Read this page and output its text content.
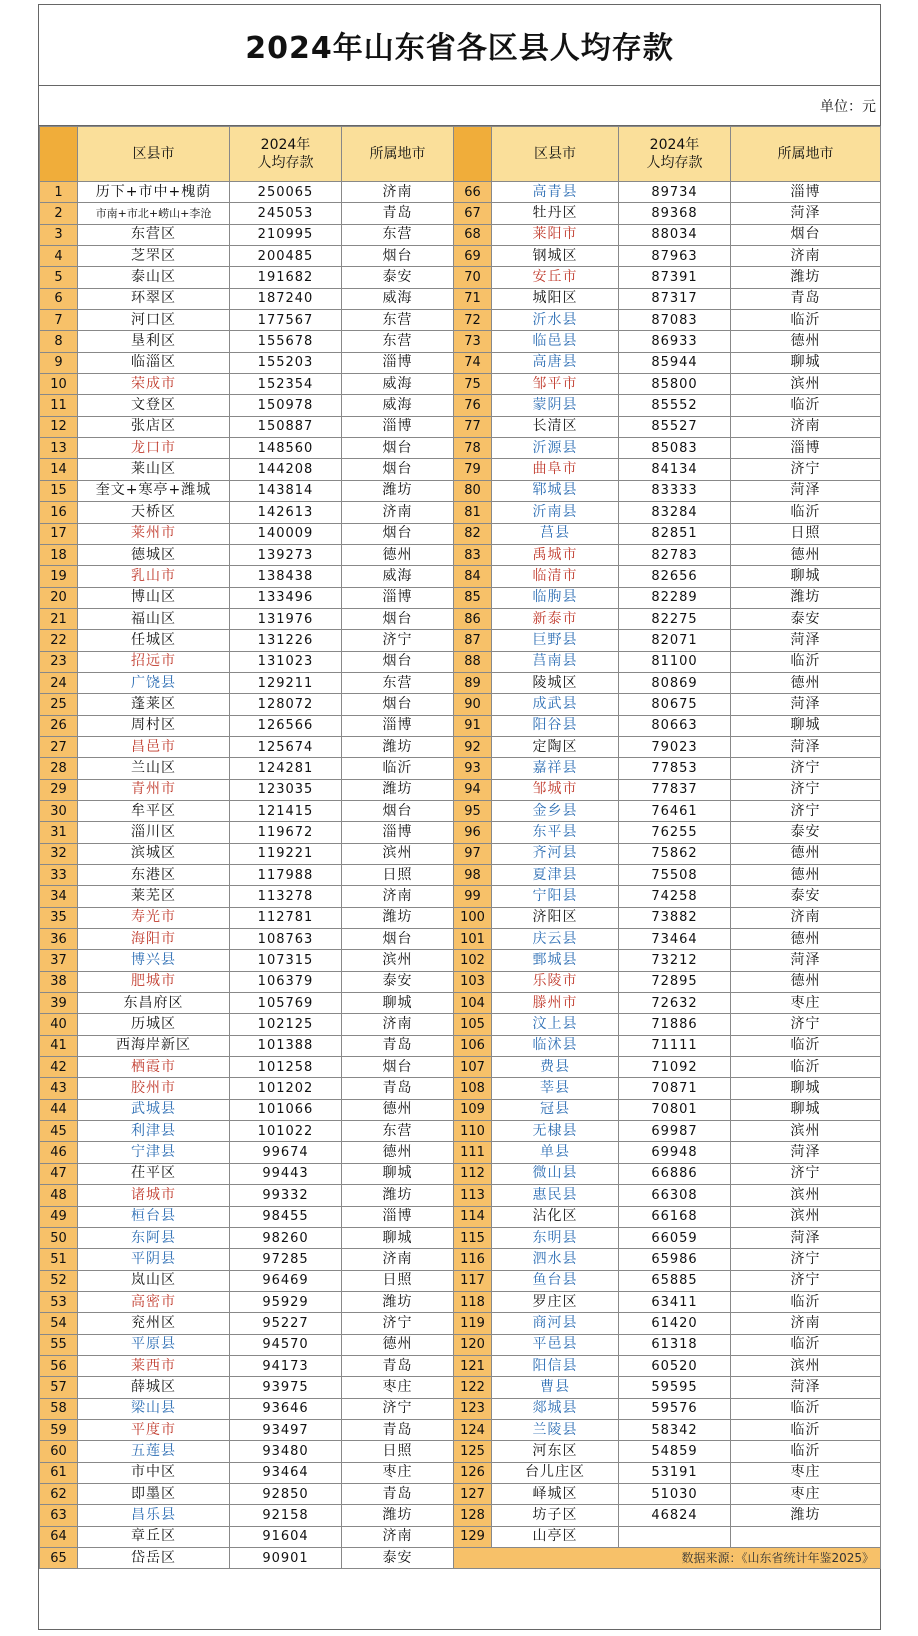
2024年山东省各区县人均存款
单位：元
	区县市	2024年
人均存款	所属地市		区县市	2024年
人均存款	所属地市
1	历下+市中+槐荫	250065	济南	66	高青县	89734	淄博
2	市南+市北+崂山+李沧	245053	青岛	67	牡丹区	89368	菏泽
3	东营区	210995	东营	68	莱阳市	88034	烟台
4	芝罘区	200485	烟台	69	钢城区	87963	济南
5	泰山区	191682	泰安	70	安丘市	87391	潍坊
6	环翠区	187240	威海	71	城阳区	87317	青岛
7	河口区	177567	东营	72	沂水县	87083	临沂
8	垦利区	155678	东营	73	临邑县	86933	德州
9	临淄区	155203	淄博	74	高唐县	85944	聊城
10	荣成市	152354	威海	75	邹平市	85800	滨州
11	文登区	150978	威海	76	蒙阴县	85552	临沂
12	张店区	150887	淄博	77	长清区	85527	济南
13	龙口市	148560	烟台	78	沂源县	85083	淄博
14	莱山区	144208	烟台	79	曲阜市	84134	济宁
15	奎文+寒亭+潍城	143814	潍坊	80	郓城县	83333	菏泽
16	天桥区	142613	济南	81	沂南县	83284	临沂
17	莱州市	140009	烟台	82	莒县	82851	日照
18	德城区	139273	德州	83	禹城市	82783	德州
19	乳山市	138438	威海	84	临清市	82656	聊城
20	博山区	133496	淄博	85	临朐县	82289	潍坊
21	福山区	131976	烟台	86	新泰市	82275	泰安
22	任城区	131226	济宁	87	巨野县	82071	菏泽
23	招远市	131023	烟台	88	莒南县	81100	临沂
24	广饶县	129211	东营	89	陵城区	80869	德州
25	蓬莱区	128072	烟台	90	成武县	80675	菏泽
26	周村区	126566	淄博	91	阳谷县	80663	聊城
27	昌邑市	125674	潍坊	92	定陶区	79023	菏泽
28	兰山区	124281	临沂	93	嘉祥县	77853	济宁
29	青州市	123035	潍坊	94	邹城市	77837	济宁
30	牟平区	121415	烟台	95	金乡县	76461	济宁
31	淄川区	119672	淄博	96	东平县	76255	泰安
32	滨城区	119221	滨州	97	齐河县	75862	德州
33	东港区	117988	日照	98	夏津县	75508	德州
34	莱芜区	113278	济南	99	宁阳县	74258	泰安
35	寿光市	112781	潍坊	100	济阳区	73882	济南
36	海阳市	108763	烟台	101	庆云县	73464	德州
37	博兴县	107315	滨州	102	鄄城县	73212	菏泽
38	肥城市	106379	泰安	103	乐陵市	72895	德州
39	东昌府区	105769	聊城	104	滕州市	72632	枣庄
40	历城区	102125	济南	105	汶上县	71886	济宁
41	西海岸新区	101388	青岛	106	临沭县	71111	临沂
42	栖霞市	101258	烟台	107	费县	71092	临沂
43	胶州市	101202	青岛	108	莘县	70871	聊城
44	武城县	101066	德州	109	冠县	70801	聊城
45	利津县	101022	东营	110	无棣县	69987	滨州
46	宁津县	99674	德州	111	单县	69948	菏泽
47	茌平区	99443	聊城	112	微山县	66886	济宁
48	诸城市	99332	潍坊	113	惠民县	66308	滨州
49	桓台县	98455	淄博	114	沾化区	66168	滨州
50	东阿县	98260	聊城	115	东明县	66059	菏泽
51	平阴县	97285	济南	116	泗水县	65986	济宁
52	岚山区	96469	日照	117	鱼台县	65885	济宁
53	高密市	95929	潍坊	118	罗庄区	63411	临沂
54	兖州区	95227	济宁	119	商河县	61420	济南
55	平原县	94570	德州	120	平邑县	61318	临沂
56	莱西市	94173	青岛	121	阳信县	60520	滨州
57	薛城区	93975	枣庄	122	曹县	59595	菏泽
58	梁山县	93646	济宁	123	郯城县	59576	临沂
59	平度市	93497	青岛	124	兰陵县	58342	临沂
60	五莲县	93480	日照	125	河东区	54859	临沂
61	市中区	93464	枣庄	126	台儿庄区	53191	枣庄
62	即墨区	92850	青岛	127	峄城区	51030	枣庄
63	昌乐县	92158	潍坊	128	坊子区	46824	潍坊
64	章丘区	91604	济南	129	山亭区		
65	岱岳区	90901	泰安	数据来源：《山东省统计年鉴2025》			
